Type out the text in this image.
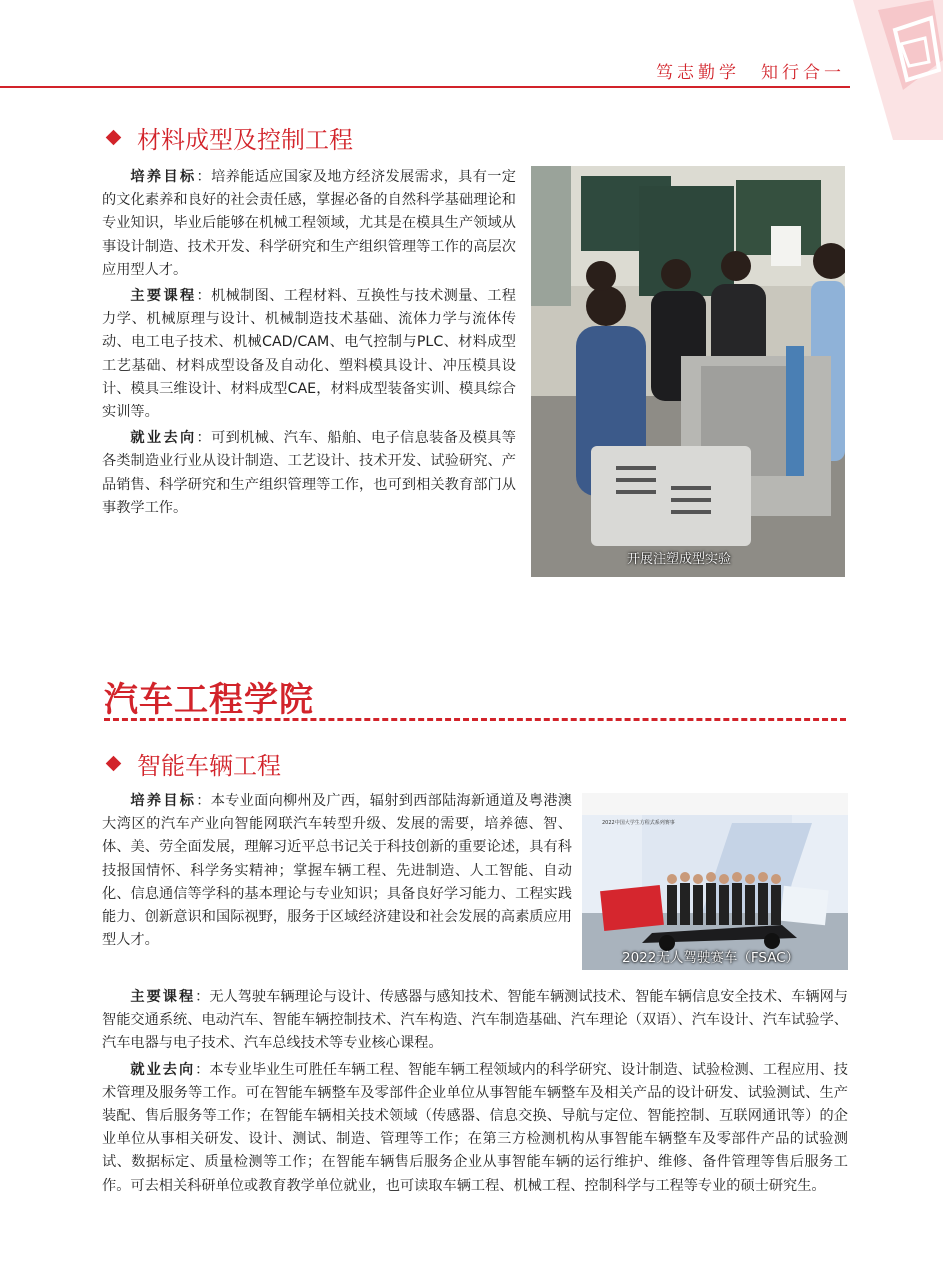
笃志勤学　知行合一
材料成型及控制工程

培养目标：培养能适应国家及地方经济发展需求，具有一定的文化素养和良好的社会责任感，掌握必备的自然科学基础理论和专业知识，毕业后能够在机械工程领域，尤其是在模具生产领域从事设计制造、技术开发、科学研究和生产组织管理等工作的高层次应用型人才。

主要课程：机械制图、工程材料、互换性与技术测量、工程力学、机械原理与设计、机械制造技术基础、流体力学与流体传动、电工电子技术、机械CAD/CAM、电气控制与PLC、材料成型工艺基础、材料成型设备及自动化、塑料模具设计、冲压模具设计、模具三维设计、材料成型CAE，材料成型装备实训、模具综合实训等。

就业去向：可到机械、汽车、船舶、电子信息装备及模具等各类制造业行业从设计制造、工艺设计、技术开发、试验研究、产品销售、科学研究和生产组织管理等工作，也可到相关教育部门从事教学工作。

开展注塑成型实验
汽车工程学院
智能车辆工程

培养目标：本专业面向柳州及广西，辐射到西部陆海新通道及粤港澳大湾区的汽车产业向智能网联汽车转型升级、发展的需要，培养德、智、体、美、劳全面发展，理解习近平总书记关于科技创新的重要论述，具有科技报国情怀、科学务实精神；掌握车辆工程、先进制造、人工智能、自动化、信息通信等学科的基本理论与专业知识；具备良好学习能力、工程实践能力、创新意识和国际视野，服务于区域经济建设和社会发展的高素质应用型人才。

2022中国大学生方程式系列赛事
2022无人驾驶赛车（FSAC）

主要课程：无人驾驶车辆理论与设计、传感器与感知技术、智能车辆测试技术、智能车辆信息安全技术、车辆网与智能交通系统、电动汽车、智能车辆控制技术、汽车构造、汽车制造基础、汽车理论（双语）、汽车设计、汽车试验学、汽车电器与电子技术、汽车总线技术等专业核心课程。

就业去向：本专业毕业生可胜任车辆工程、智能车辆工程领域内的科学研究、设计制造、试验检测、工程应用、技术管理及服务等工作。可在智能车辆整车及零部件企业单位从事智能车辆整车及相关产品的设计研发、试验测试、生产装配、售后服务等工作；在智能车辆相关技术领域（传感器、信息交换、导航与定位、智能控制、互联网通讯等）的企业单位从事相关研发、设计、测试、制造、管理等工作；在第三方检测机构从事智能车辆整车及零部件产品的试验测试、数据标定、质量检测等工作；在智能车辆售后服务企业从事智能车辆的运行维护、维修、备件管理等售后服务工作。可去相关科研单位或教育教学单位就业，也可读取车辆工程、机械工程、控制科学与工程等专业的硕士研究生。
